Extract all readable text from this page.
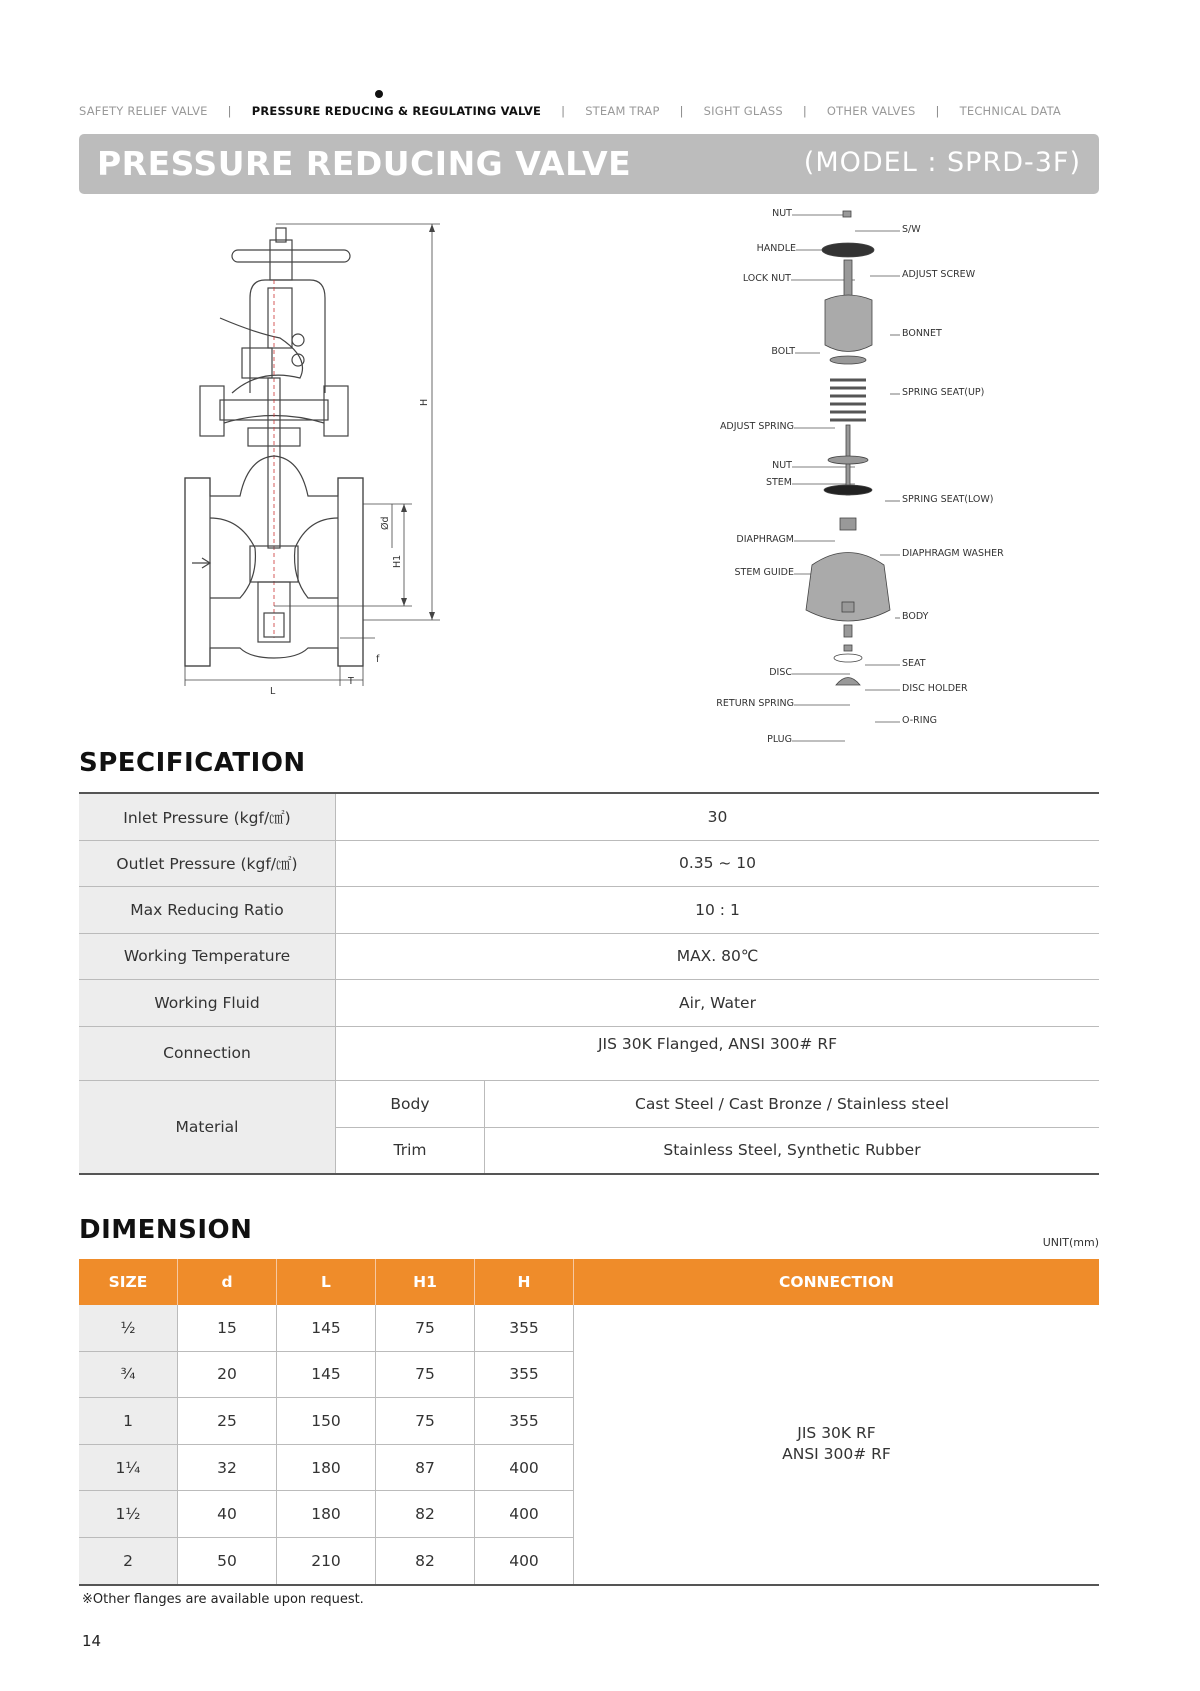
SAFETY RELIEF VALVE | PRESSURE REDUCING & REGULATING VALVE | STEAM TRAP | SIGHT GLASS | OTHER VALVES | TECHNICAL DATA
PRESSURE REDUCING VALVE	(MODEL : SPRD-3F)
H
H1
Ød
L
T
f
NUT
HANDLE
LOCK NUT
BOLT
ADJUST SPRING
NUT
STEM
DIAPHRAGM
STEM GUIDE
DISC
RETURN SPRING
PLUG
S/W
ADJUST SCREW
BONNET
SPRING SEAT(UP)
SPRING SEAT(LOW)
DIAPHRAGM WASHER
BODY
SEAT
DISC HOLDER
O-RING
SPECIFICATION
Inlet Pressure (kgf/㎠)	30	
Outlet Pressure (kgf/㎠)	0.35 ~ 10	
Max Reducing Ratio	10 : 1	
Working Temperature	MAX. 80℃	
Working Fluid	Air, Water	
Connection	JIS 30K Flanged, ANSI 300# RF	
Material	Body	Cast Steel / Cast Bronze / Stainless steel
	Trim	Stainless Steel, Synthetic Rubber
DIMENSION	UNIT(mm)
SIZE	d	L	H1	H	CONNECTION
½	15	145	75	355	JIS 30K RF
ANSI 300# RF

¾	20	145	75	355	
1	25	150	75	355	
1¼	32	180	87	400	
1½	40	180	82	400	
2	50	210	82	400	
※Other flanges are available upon request.
14
